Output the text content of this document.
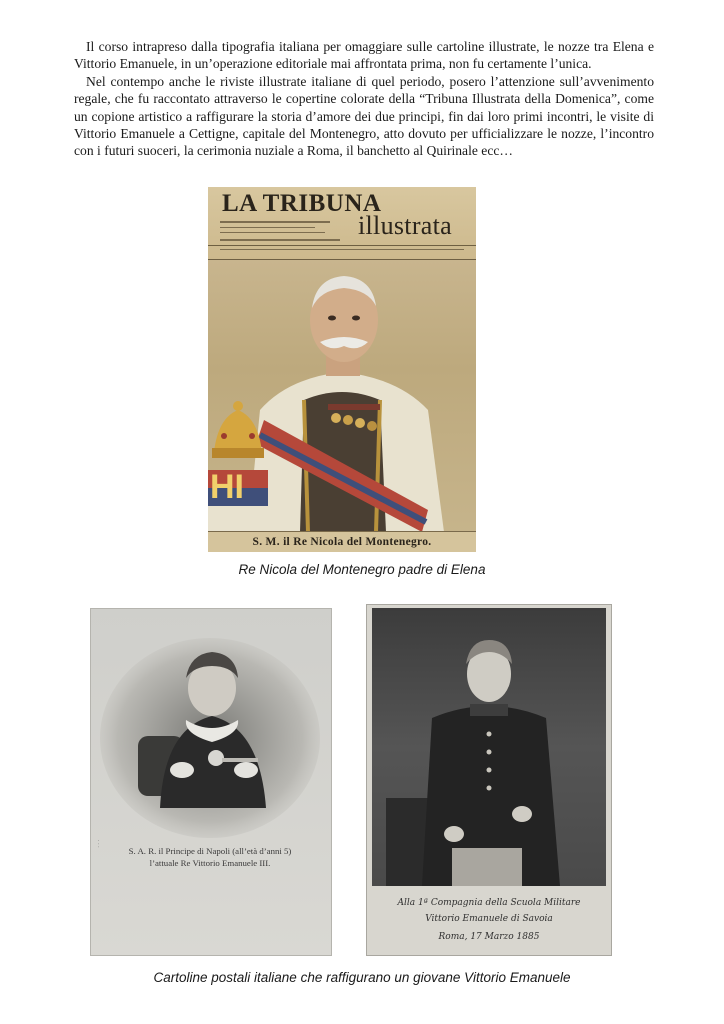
Il corso intrapreso dalla tipografia italiana per omaggiare sulle cartoline illustrate, le nozze tra Elena e Vittorio Emanuele, in un’operazione editoriale mai affrontata prima, non fu certamente l’unica.

Nel contempo anche le riviste illustrate italiane di quel periodo, posero l’attenzione sull’avvenimento regale, che fu raccontato attraverso le copertine colorate della “Tribuna Illustrata della Domenica”, come un copione artistico a raffigurare la storia d’amore dei due principi, fin dai loro primi incontri, le visite di Vittorio Emanuele a Cettigne, capitale del Montenegro, atto dovuto per ufficializzare le nozze, l’incontro con i futuri suoceri, la cerimonia nuziale a Roma, il banchetto al Quirinale ecc…

LA TRIBUNA
illustrata
HI
S. M. il Re Nicola del Montenegro.
Re Nicola del Montenegro padre di Elena
· · ·
S. A. R. il Principe di Napoli (all’età d’anni 5)
l’attuale Re Vittorio Emanuele III.
Alla 1ª Compagnia della Scuola Militare
Vittorio Emanuele di Savoia
Roma, 17 Marzo 1885
Cartoline postali italiane che raffigurano un giovane Vittorio Emanuele
